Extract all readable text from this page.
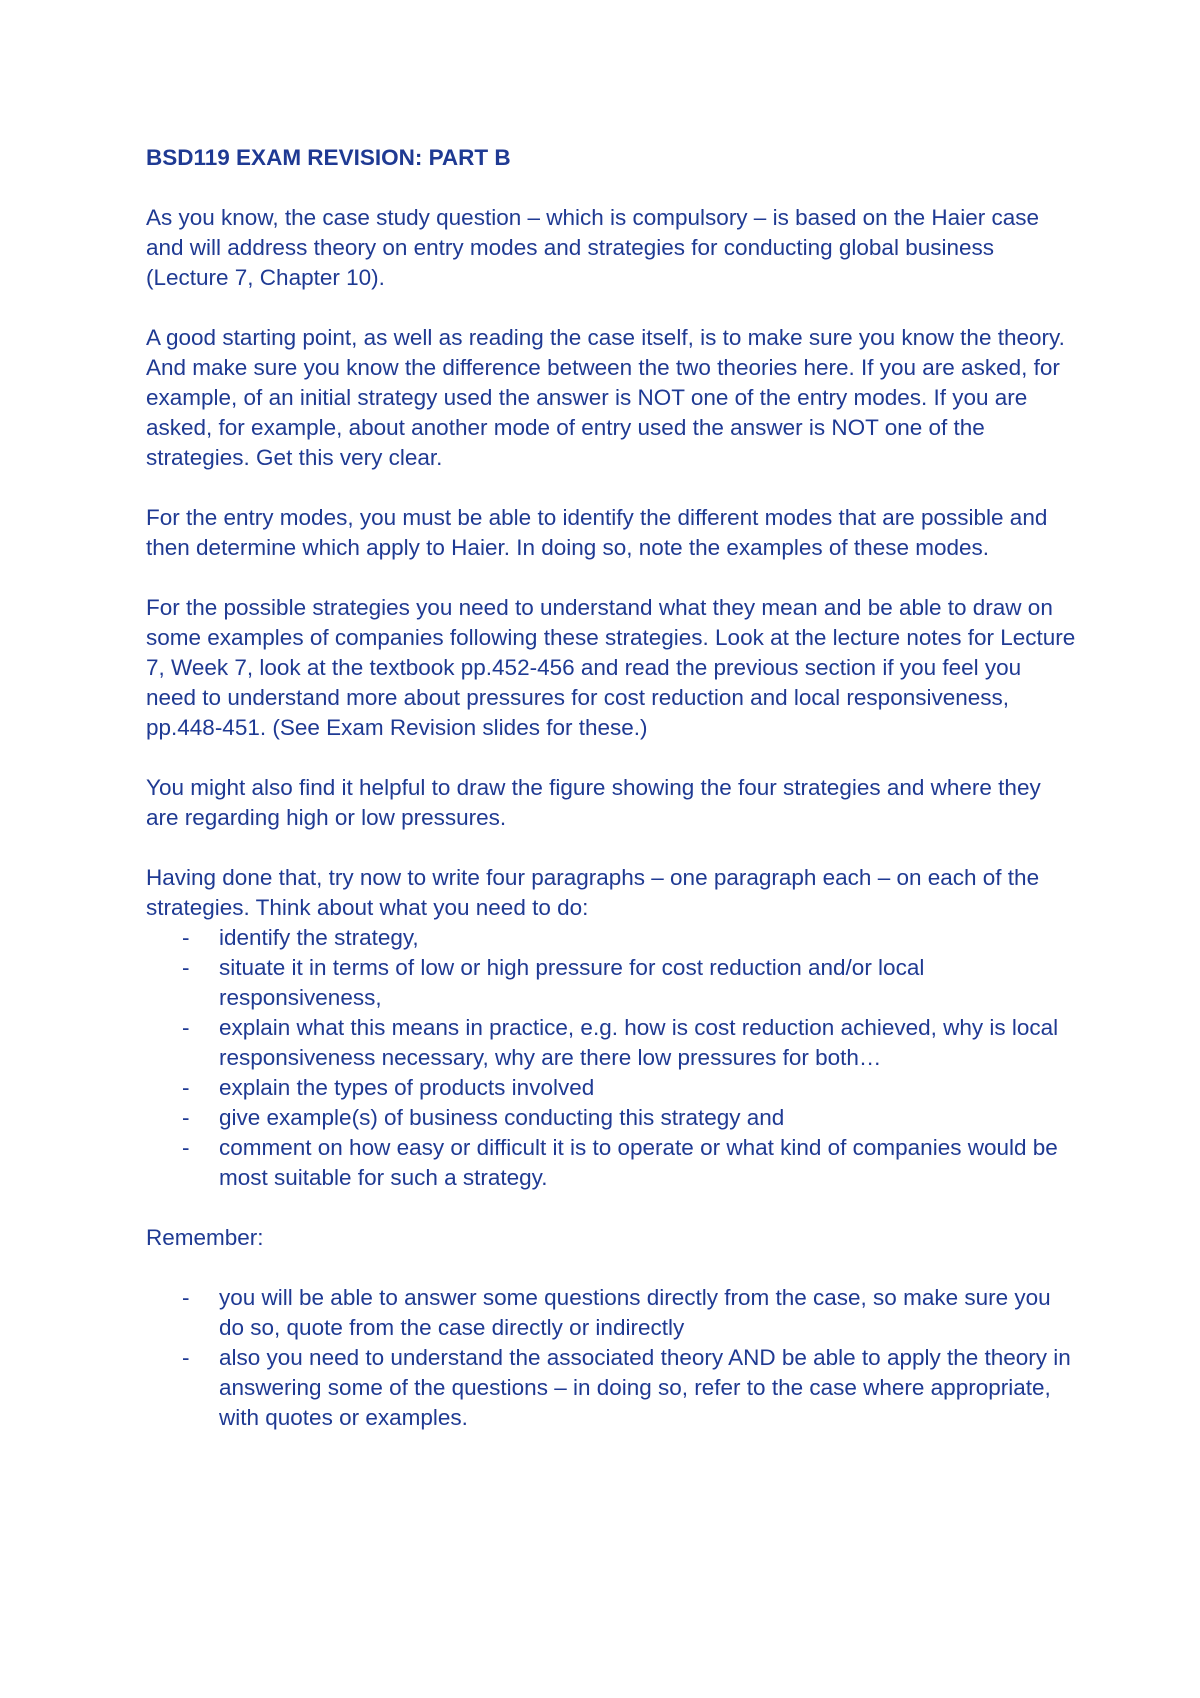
BSD119 EXAM REVISION: PART B

As you know, the case study question – which is compulsory – is based on the Haier case and will address theory on entry modes and strategies for conducting global business (Lecture 7, Chapter 10).

A good starting point, as well as reading the case itself, is to make sure you know the theory. And make sure you know the difference between the two theories here. If you are asked, for example, of an initial strategy used the answer is NOT one of the entry modes. If you are asked, for example, about another mode of entry used the answer is NOT one of the strategies. Get this very clear.

For the entry modes, you must be able to identify the different modes that are possible and then determine which apply to Haier. In doing so, note the examples of these modes.

For the possible strategies you need to understand what they mean and be able to draw on some examples of companies following these strategies. Look at the lecture notes for Lecture 7, Week 7, look at the textbook pp.452-456 and read the previous section if you feel you need to understand more about pressures for cost reduction and local responsiveness, pp.448-451. (See Exam Revision slides for these.)

You might also find it helpful to draw the figure showing the four strategies and where they are regarding high or low pressures.

Having done that, try now to write four paragraphs – one paragraph each – on each of the strategies. Think about what you need to do:

- identify the strategy,
- situate it in terms of low or high pressure for cost reduction and/or local responsiveness,
- explain what this means in practice, e.g. how is cost reduction achieved, why is local responsiveness necessary, why are there low pressures for both…
- explain the types of products involved
- give example(s) of business conducting this strategy and
- comment on how easy or difficult it is to operate or what kind of companies would be most suitable for such a strategy.
Remember:
- you will be able to answer some questions directly from the case, so make sure you do so, quote from the case directly or indirectly
- also you need to understand the associated theory AND be able to apply the theory in answering some of the questions – in doing so, refer to the case where appropriate, with quotes or examples.
